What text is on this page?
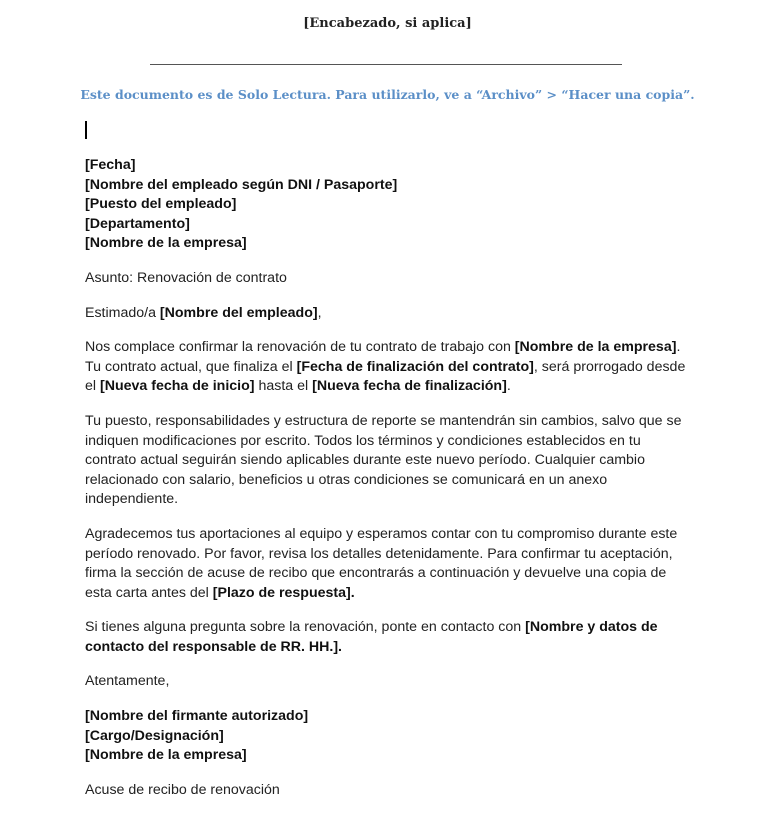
[Encabezado, si aplica]
Este documento es de Solo Lectura. Para utilizarlo, ve a “Archivo” > “Hacer una copia”.

[Fecha]
[Nombre del empleado según DNI / Pasaporte]
[Puesto del empleado]
[Departamento]
[Nombre de la empresa]

Asunto: Renovación de contrato

Estimado/a [Nombre del empleado],

Nos complace confirmar la renovación de tu contrato de trabajo con [Nombre de la empresa]. Tu contrato actual, que finaliza el [Fecha de finalización del contrato], será prorrogado desde el [Nueva fecha de inicio] hasta el [Nueva fecha de finalización].

Tu puesto, responsabilidades y estructura de reporte se mantendrán sin cambios, salvo que se indiquen modificaciones por escrito. Todos los términos y condiciones establecidos en tu contrato actual seguirán siendo aplicables durante este nuevo período. Cualquier cambio relacionado con salario, beneficios u otras condiciones se comunicará en un anexo independiente.

Agradecemos tus aportaciones al equipo y esperamos contar con tu compromiso durante este período renovado. Por favor, revisa los detalles detenidamente. Para confirmar tu aceptación, firma la sección de acuse de recibo que encontrarás a continuación y devuelve una copia de esta carta antes del [Plazo de respuesta].

Si tienes alguna pregunta sobre la renovación, ponte en contacto con [Nombre y datos de contacto del responsable de RR. HH.].

Atentamente,

[Nombre del firmante autorizado]
[Cargo/Designación]
[Nombre de la empresa]

Acuse de recibo de renovación
